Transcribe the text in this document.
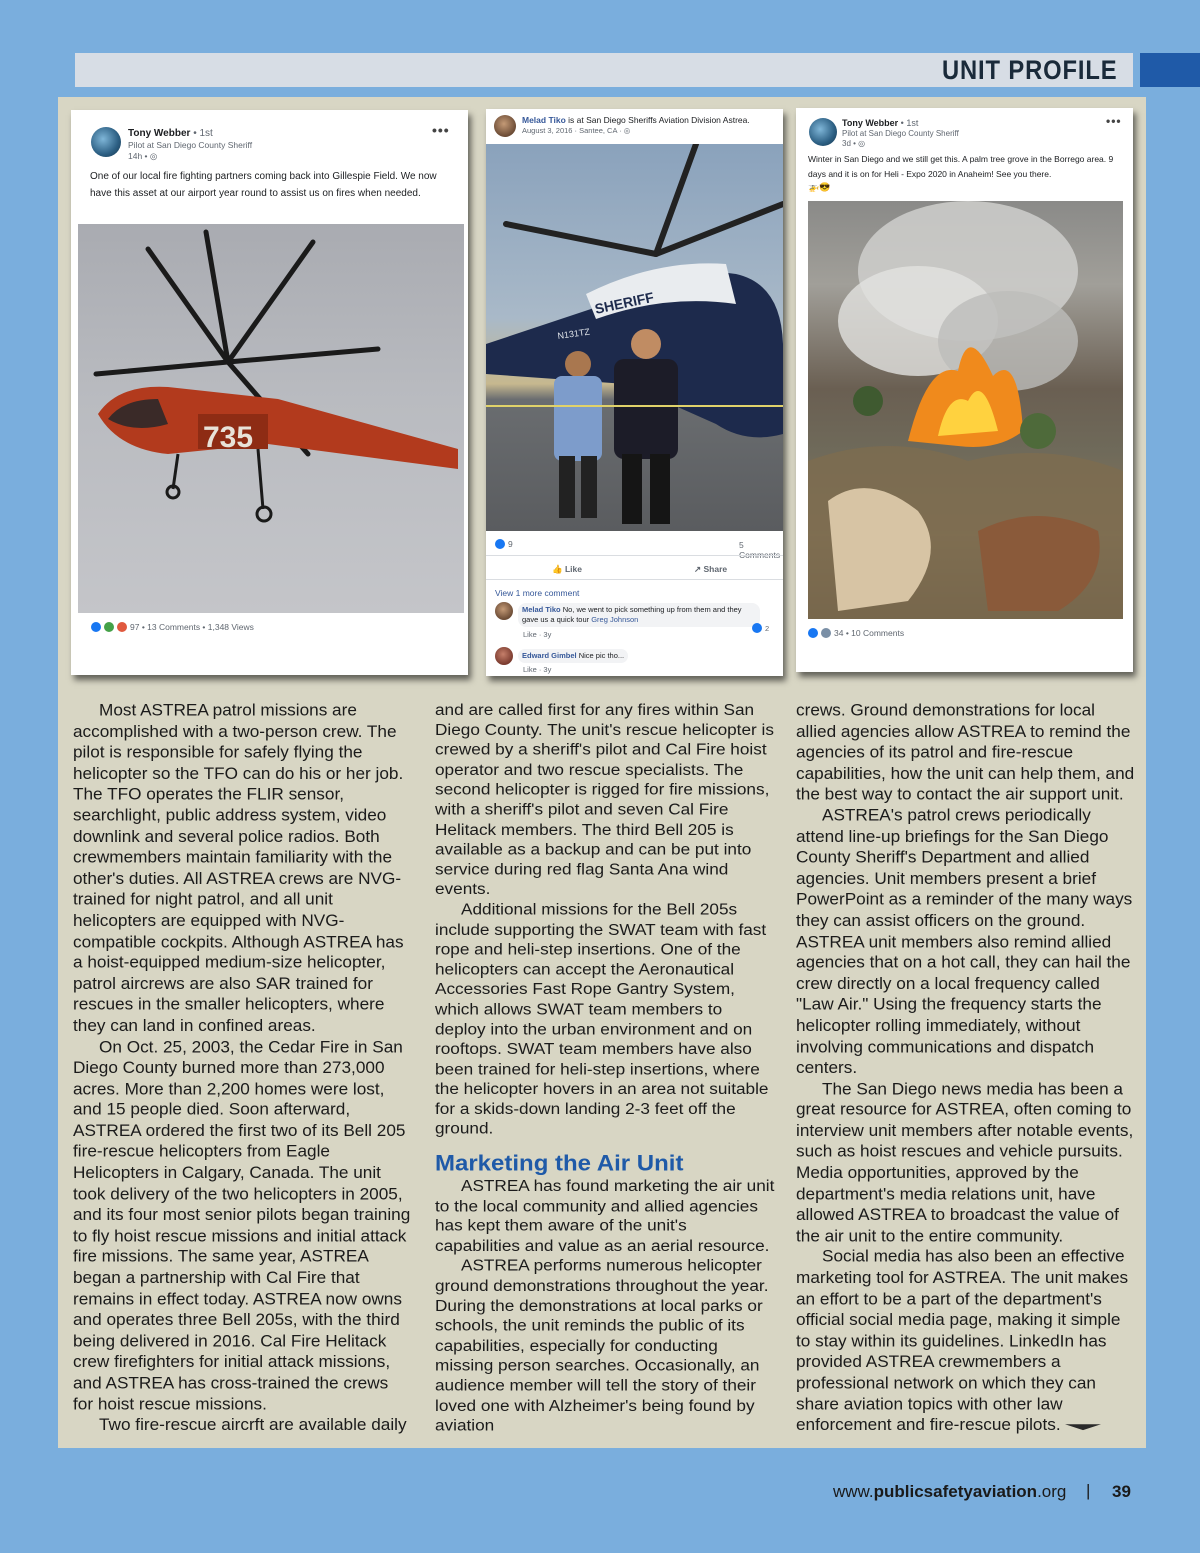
UNIT PROFILE
Tony Webber • 1st
Pilot at San Diego County Sheriff
14h • ◎
•••
One of our local fire fighting partners coming back into Gillespie Field. We now have this asset at our airport year round to assist us on fires when needed.
735
97 • 13 Comments • 1,348 Views
Melad Tiko is at San Diego Sheriffs Aviation Division Astrea.
August 3, 2016 · Santee, CA · ◎
SHERIFF
N131TZ
9	5 Comments
👍 Like	↗ Share
View 1 more comment
Melad Tiko No, we went to pick something up from them and they gave us a quick tour Greg Johnson
Like · 3y
2
Edward Gimbel Nice pic tho...
Like · 3y
Tony Webber • 1st
Pilot at San Diego County Sheriff
3d • ◎
•••
Winter in San Diego and we still get this. A palm tree grove in the Borrego area. 9 days and it is on for Heli - Expo 2020 in Anaheim! See you there.
🚁😎
34 • 10 Comments

Most ASTREA patrol missions are accomplished with a two-person crew. The pilot is responsible for safely flying the helicopter so the TFO can do his or her job. The TFO operates the FLIR sensor, searchlight, public address system, video downlink and several police radios. Both crewmembers maintain familiarity with the other's duties. All ASTREA crews are NVG-trained for night patrol, and all unit helicopters are equipped with NVG-compatible cockpits. Although ASTREA has a hoist-equipped medium-size helicopter, patrol aircrews are also SAR trained for rescues in the smaller helicopters, where they can land in confined areas.

On Oct. 25, 2003, the Cedar Fire in San Diego County burned more than 273,000 acres. More than 2,200 homes were lost, and 15 people died. Soon afterward, ASTREA ordered the first two of its Bell 205 fire-rescue helicopters from Eagle Helicopters in Calgary, Canada. The unit took delivery of the two helicopters in 2005, and its four most senior pilots began training to fly hoist rescue missions and initial attack fire missions. The same year, ASTREA began a partnership with Cal Fire that remains in effect today. ASTREA now owns and operates three Bell 205s, with the third being delivered in 2016. Cal Fire Helitack crew firefighters for initial attack missions, and ASTREA has cross-trained the crews for hoist rescue missions.

Two fire-rescue aircrft are available daily

and are called first for any fires within San Diego County. The unit's rescue helicopter is crewed by a sheriff's pilot and Cal Fire hoist operator and two rescue specialists. The second helicopter is rigged for fire missions, with a sheriff's pilot and seven Cal Fire Helitack members. The third Bell 205 is available as a backup and can be put into service during red flag Santa Ana wind events.

Additional missions for the Bell 205s include supporting the SWAT team with fast rope and heli-step insertions. One of the helicopters can accept the Aeronautical Accessories Fast Rope Gantry System, which allows SWAT team members to deploy into the urban environment and on rooftops. SWAT team members have also been trained for heli-step insertions, where the helicopter hovers in an area not suitable for a skids-down landing 2-3 feet off the ground.

Marketing the Air Unit

ASTREA has found marketing the air unit to the local community and allied agencies has kept them aware of the unit's capabilities and value as an aerial resource.

ASTREA performs numerous helicopter ground demonstrations throughout the year. During the demonstrations at local parks or schools, the unit reminds the public of its capabilities, especially for conducting missing person searches. Occasionally, an audience member will tell the story of their loved one with Alzheimer's being found by aviation

crews. Ground demonstrations for local allied agencies allow ASTREA to remind the agencies of its patrol and fire-rescue capabilities, how the unit can help them, and the best way to contact the air support unit.

ASTREA's patrol crews periodically attend line-up briefings for the San Diego County Sheriff's Department and allied agencies. Unit members present a brief PowerPoint as a reminder of the many ways they can assist officers on the ground. ASTREA unit members also remind allied agencies that on a hot call, they can hail the crew directly on a local frequency called "Law Air." Using the frequency starts the helicopter rolling immediately, without involving communications and dispatch centers.

The San Diego news media has been a great resource for ASTREA, often coming to interview unit members after notable events, such as hoist rescues and vehicle pursuits. Media opportunities, approved by the department's media relations unit, have allowed ASTREA to broadcast the value of the air unit to the entire community.

Social media has also been an effective marketing tool for ASTREA. The unit makes an effort to be a part of the department's official social media page, making it simple to stay within its guidelines. LinkedIn has provided ASTREA crewmembers a professional network on which they can share aviation topics with other law enforcement and fire-rescue pilots.

www.publicsafetyaviation.org | 39
